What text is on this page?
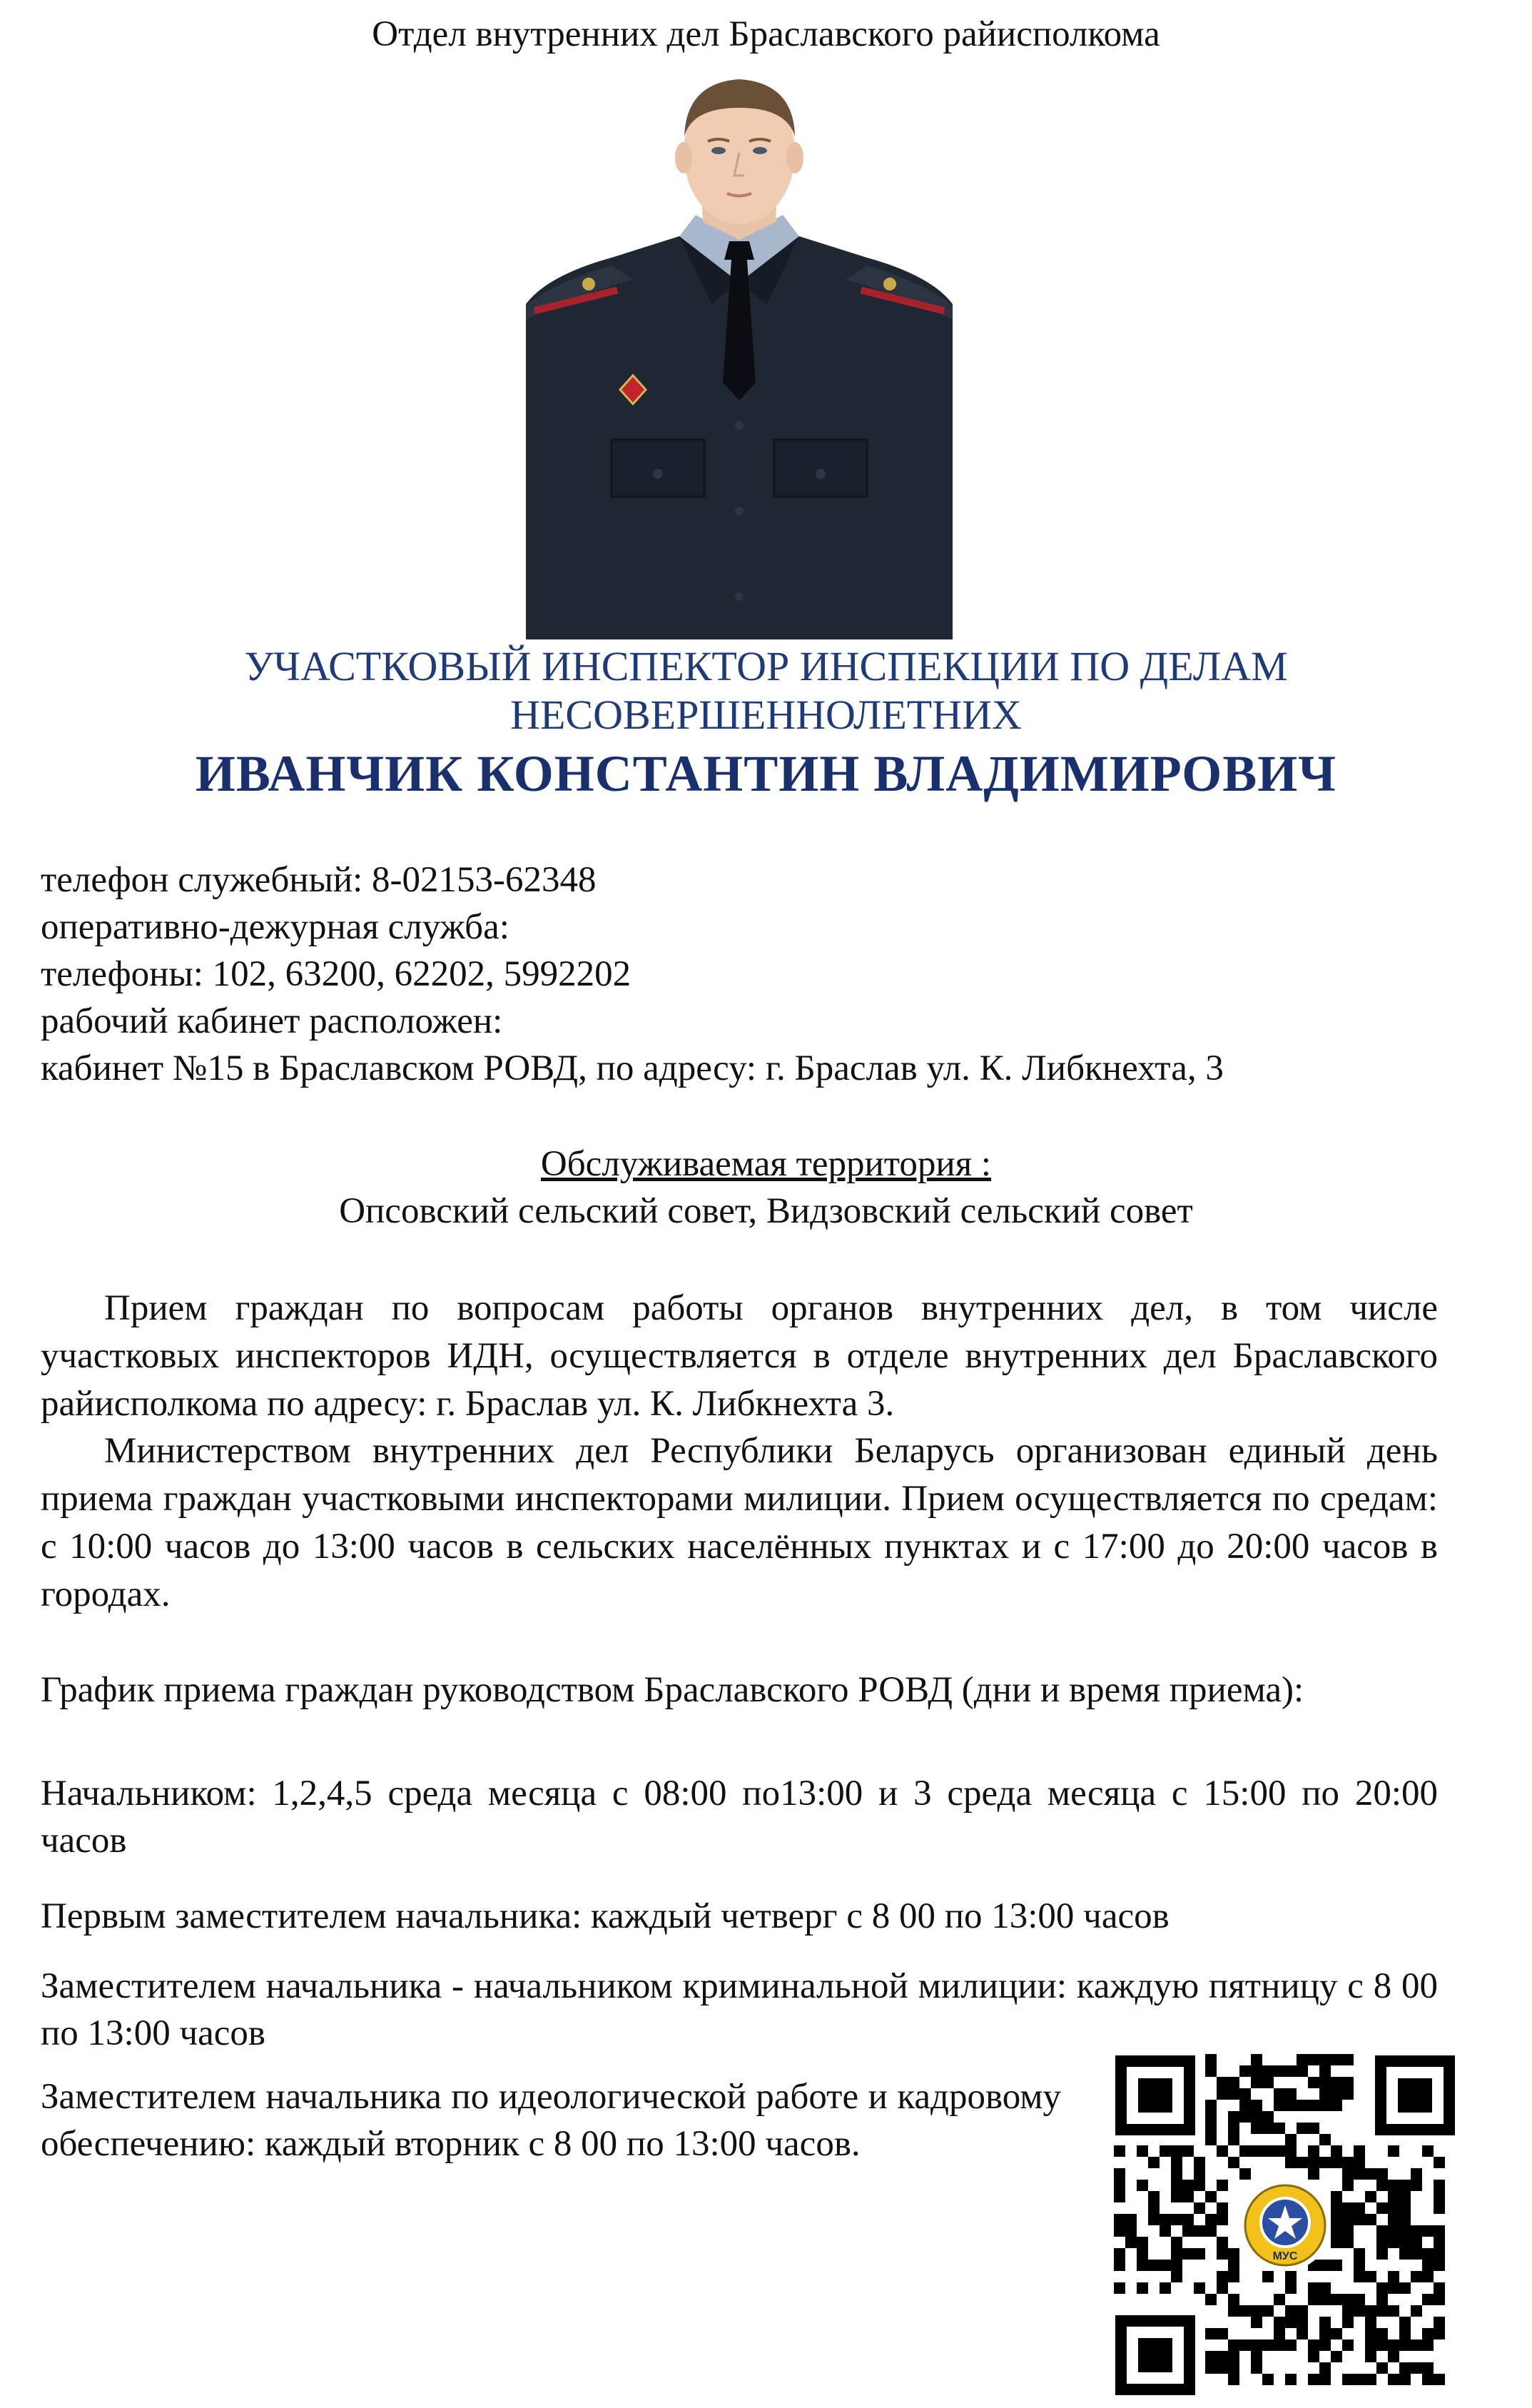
Отдел внутренних дел Браславского райисполкома
УЧАСТКОВЫЙ ИНСПЕКТОР ИНСПЕКЦИИ ПО ДЕЛАМ
НЕСОВЕРШЕННОЛЕТНИХ
ИВАНЧИК КОНСТАНТИН ВЛАДИМИРОВИЧ
телефон служебный: 8-02153-62348
оперативно-дежурная служба:
телефоны: 102, 63200, 62202, 5992202
рабочий кабинет расположен:
кабинет №15 в Браславском РОВД, по адресу: г. Браслав ул. К. Либкнехта, 3
Обслуживаемая территория :
Опсовский сельский совет, Видзовский сельский совет
Прием граждан по вопросам работы органов внутренних дел, в том числе участковых инспекторов ИДН, осуществляется в отделе внутренних дел Браславского райисполкома по адресу: г. Браслав ул. К. Либкнехта 3.
Министерством внутренних дел Республики Беларусь организован единый день приема граждан участковыми инспекторами милиции. Прием осуществляется по средам: с 10:00 часов до 13:00 часов в сельских населённых пунктах и с 17:00 до 20:00 часов в городах.
График приема граждан руководством Браславского РОВД (дни и время приема):
Начальником: 1,2,4,5 среда месяца с 08:00 по13:00 и 3 среда месяца с 15:00 по 20:00 часов
Первым заместителем начальника: каждый четверг с 8 00 по 13:00 часов
Заместителем начальника - начальником криминальной милиции: каждую пятницу с 8 00 по 13:00 часов
Заместителем начальника по идеологической работе и кадровому обеспечению: каждый вторник с 8 00 по 13:00 часов.
МУС
